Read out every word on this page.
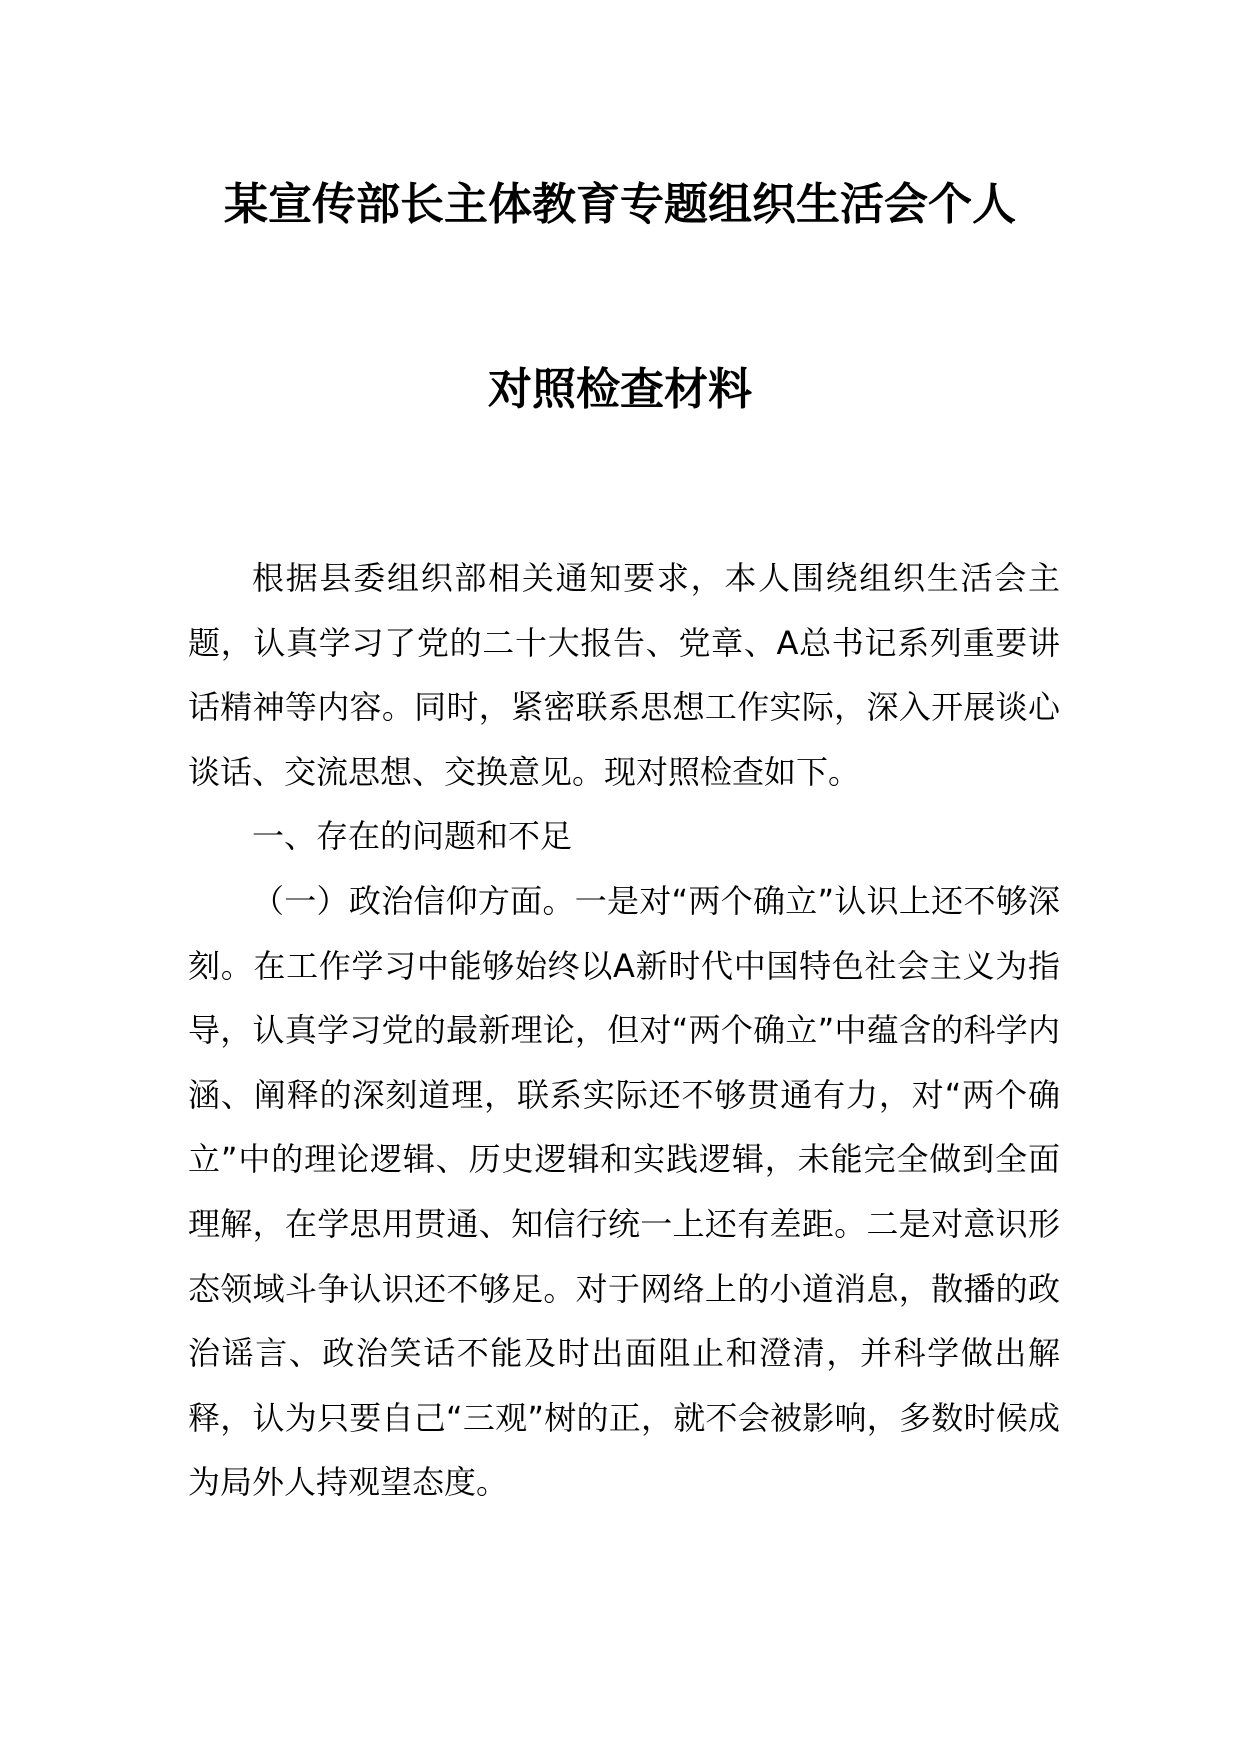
某宣传部长主体教育专题组织生活会个人
对照检查材料

根据县委组织部相关通知要求，本人围绕组织生活会主题，认真学习了党的二十大报告、党章、A总书记系列重要讲话精神等内容。同时，紧密联系思想工作实际，深入开展谈心谈话、交流思想、交换意见。现对照检查如下。

一、存在的问题和不足

（一）政治信仰方面。一是对“两个确立”认识上还不够深刻。在工作学习中能够始终以A新时代中国特色社会主义为指导，认真学习党的最新理论，但对“两个确立”中蕴含的科学内涵、阐释的深刻道理，联系实际还不够贯通有力，对“两个确立”中的理论逻辑、历史逻辑和实践逻辑，未能完全做到全面理解，在学思用贯通、知信行统一上还有差距。二是对意识形态领域斗争认识还不够足。对于网络上的小道消息，散播的政治谣言、政治笑话不能及时出面阻止和澄清，并科学做出解释，认为只要自己“三观”树的正，就不会被影响，多数时候成为局外人持观望态度。
